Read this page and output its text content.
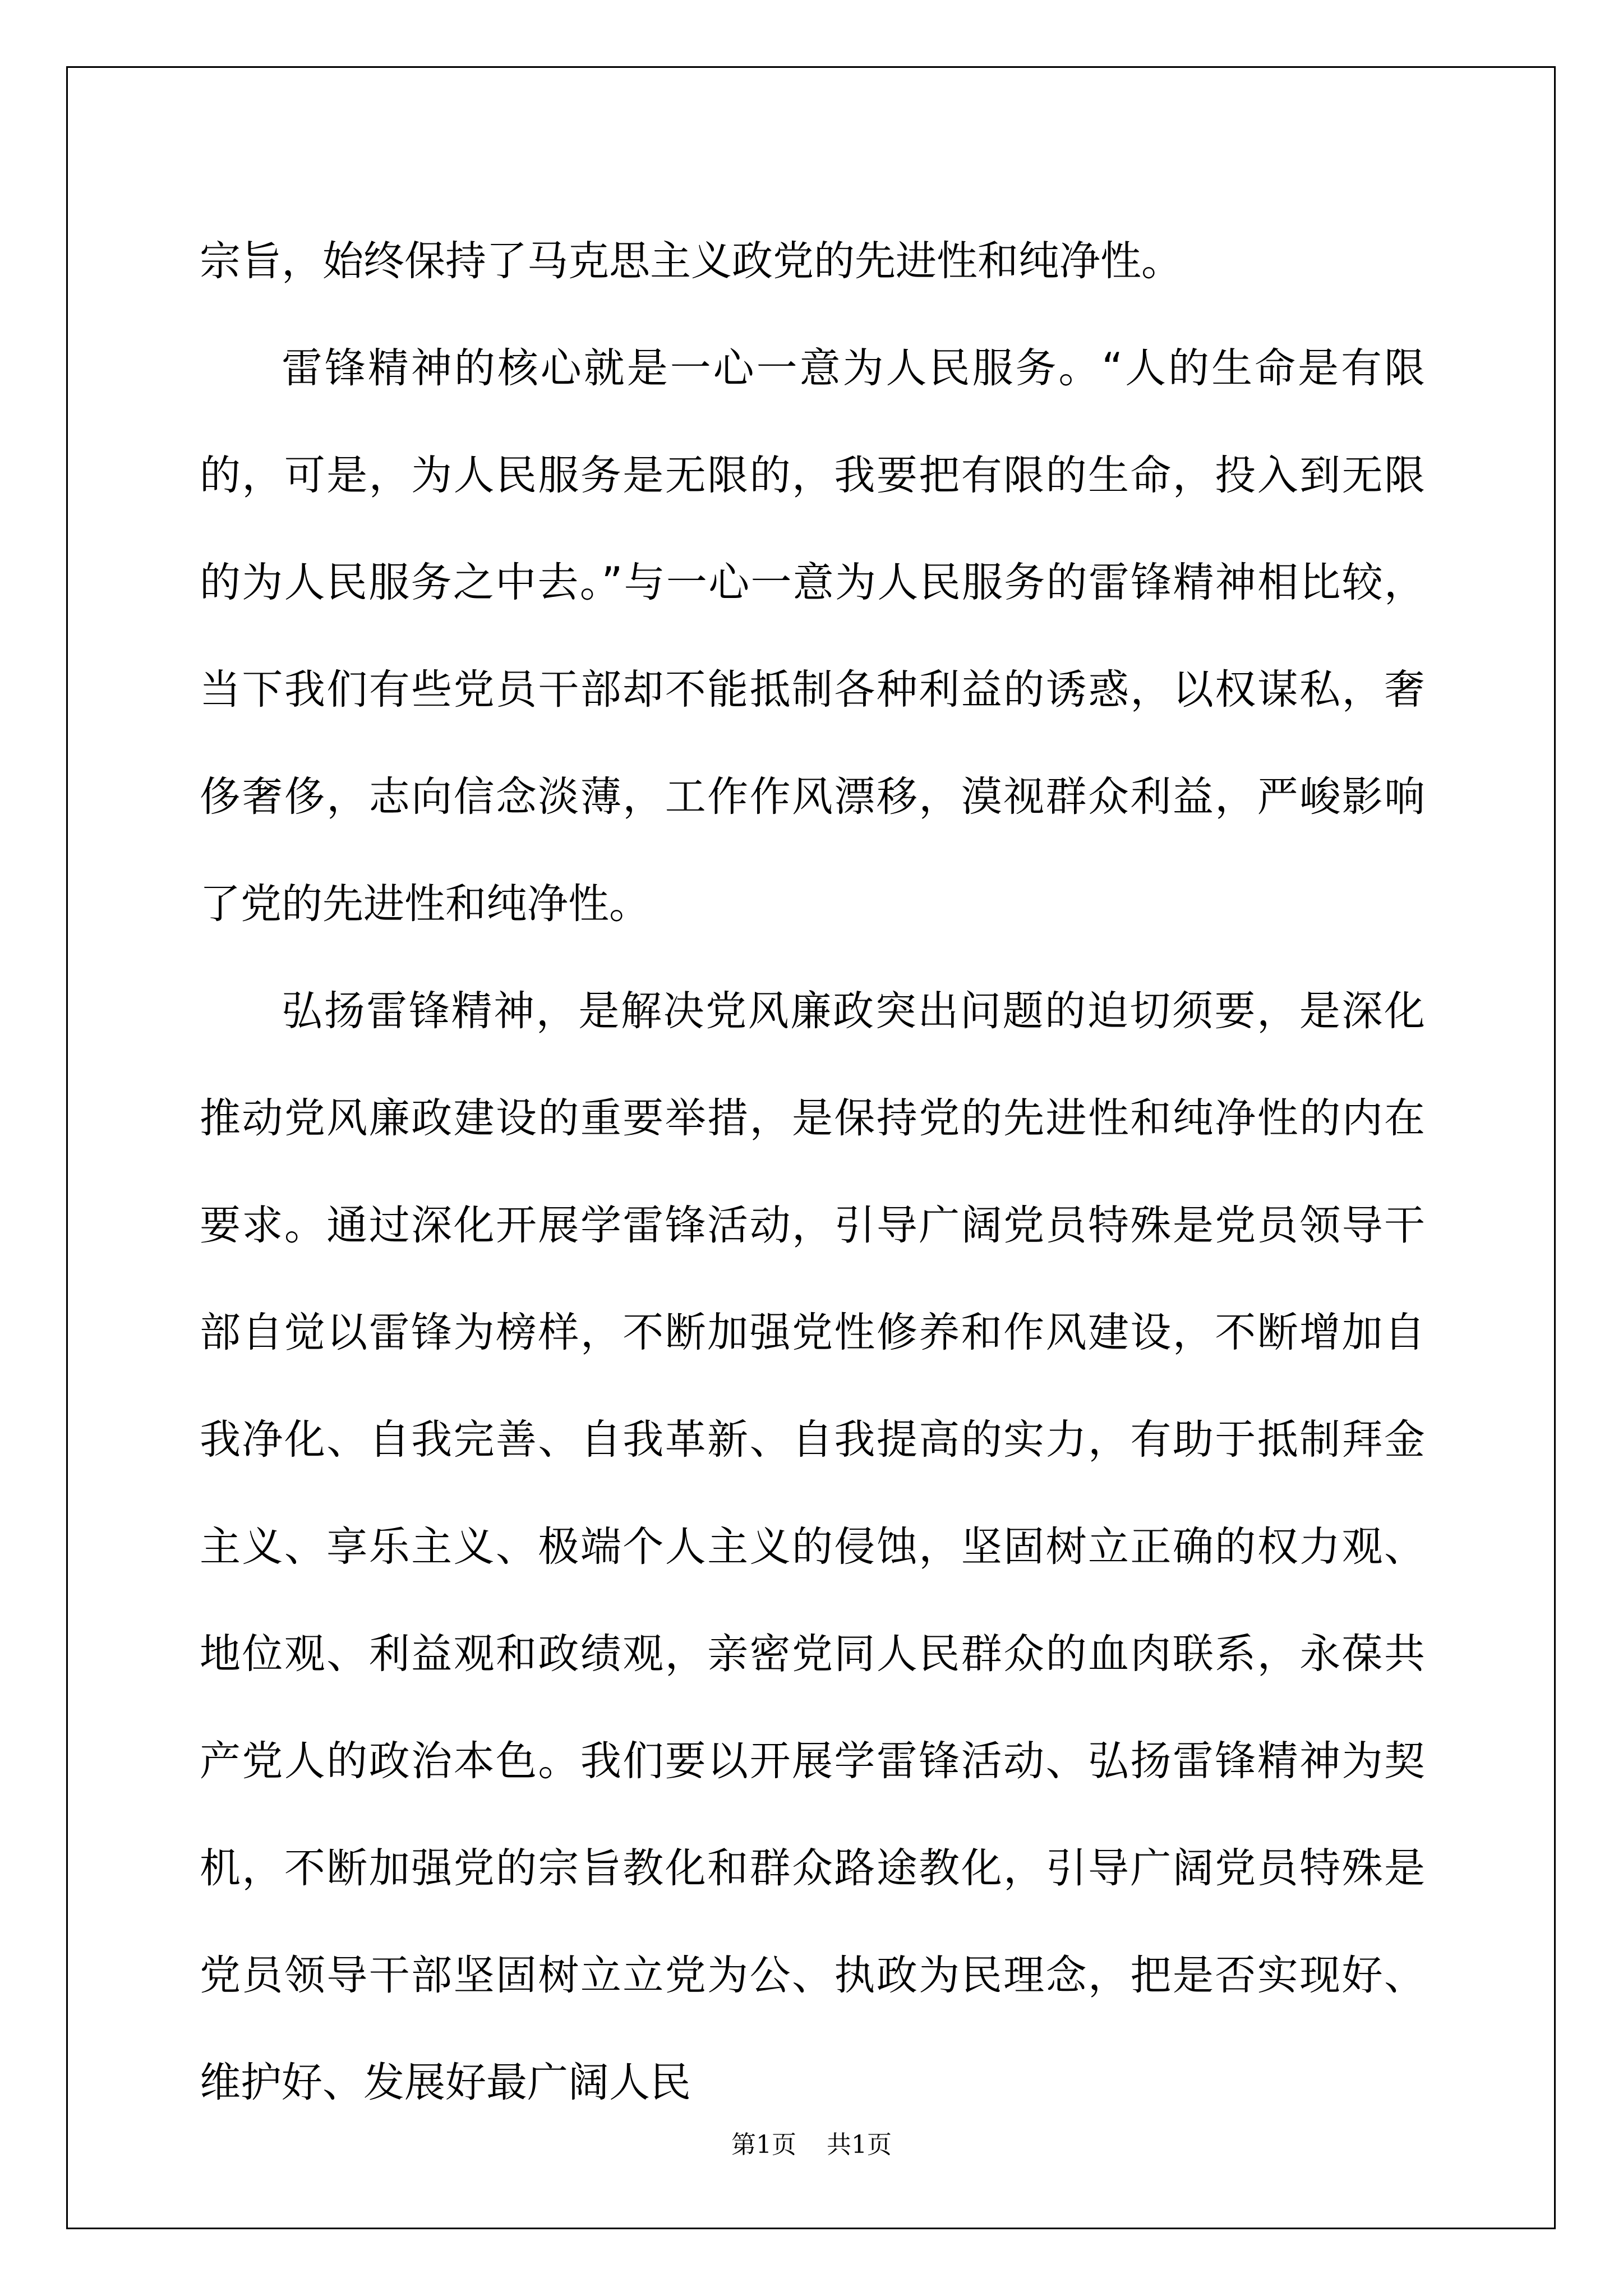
宗旨，始终保持了马克思主义政党的先进性和纯净性。

雷锋精神的核心就是一心一意为人民服务。“人的生命是有限的，可是，为人民服务是无限的，我要把有限的生命，投入到无限的为人民服务之中去。”与一心一意为人民服务的雷锋精神相比较，当下我们有些党员干部却不能抵制各种利益的诱惑，以权谋私，奢侈奢侈，志向信念淡薄，工作作风漂移，漠视群众利益，严峻影响了党的先进性和纯净性。

弘扬雷锋精神，是解决党风廉政突出问题的迫切须要，是深化推动党风廉政建设的重要举措，是保持党的先进性和纯净性的内在要求。通过深化开展学雷锋活动，引导广阔党员特殊是党员领导干部自觉以雷锋为榜样，不断加强党性修养和作风建设，不断增加自我净化、自我完善、自我革新、自我提高的实力，有助于抵制拜金主义、享乐主义、极端个人主义的侵蚀，坚固树立正确的权力观、地位观、利益观和政绩观，亲密党同人民群众的血肉联系，永葆共产党人的政治本色。我们要以开展学雷锋活动、弘扬雷锋精神为契机，不断加强党的宗旨教化和群众路途教化，引导广阔党员特殊是党员领导干部坚固树立立党为公、执政为民理念，把是否实现好、维护好、发展好最广阔人民

第1页 共1页
